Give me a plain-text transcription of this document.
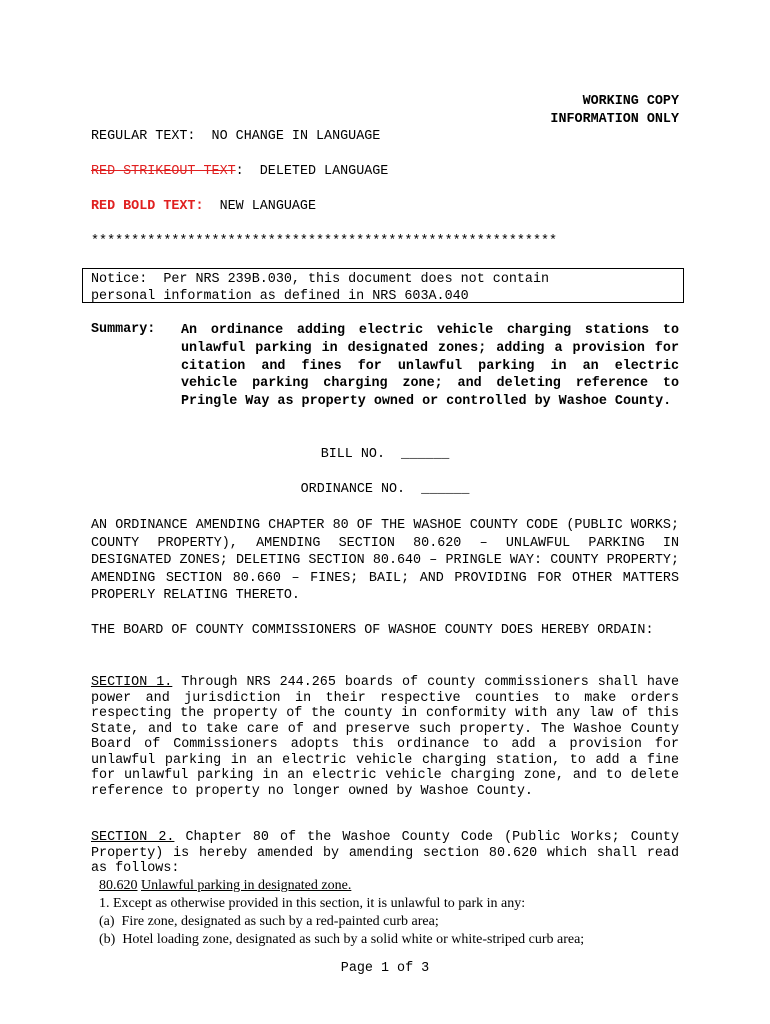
WORKING COPY
INFORMATION ONLY
REGULAR TEXT: NO CHANGE IN LANGUAGE
RED STRIKEOUT TEXT:  DELETED LANGUAGE
RED BOLD TEXT: NEW LANGUAGE
**********************************************************
Notice:  Per NRS 239B.030, this document does not contain
personal information as defined in NRS 603A.040
Summary: An ordinance adding electric vehicle charging stations to unlawful parking in designated zones; adding a provision for citation and fines for unlawful parking in an electric vehicle parking charging zone; and deleting reference to Pringle Way as property owned or controlled by Washoe County.
BILL NO.  ______
ORDINANCE NO.  ______
AN ORDINANCE AMENDING CHAPTER 80 OF THE WASHOE COUNTY CODE (PUBLIC WORKS; COUNTY PROPERTY), AMENDING SECTION 80.620 – UNLAWFUL PARKING IN DESIGNATED ZONES; DELETING SECTION 80.640 – PRINGLE WAY: COUNTY PROPERTY; AMENDING SECTION 80.660 – FINES; BAIL; AND PROVIDING FOR OTHER MATTERS PROPERLY RELATING THERETO.
THE BOARD OF COUNTY COMMISSIONERS OF WASHOE COUNTY DOES HEREBY ORDAIN:
SECTION 1. Through NRS 244.265 boards of county commissioners shall have power and jurisdiction in their respective counties to make orders respecting the property of the county in conformity with any law of this State, and to take care of and preserve such property. The Washoe County Board of Commissioners adopts this ordinance to add a provision for unlawful parking in an electric vehicle charging station, to add a fine for unlawful parking in an electric vehicle charging zone, and to delete reference to property no longer owned by Washoe County.
SECTION 2. Chapter 80 of the Washoe County Code (Public Works; County Property) is hereby amended by amending section 80.620 which shall read as follows:
80.620 Unlawful parking in designated zone.
1. Except as otherwise provided in this section, it is unlawful to park in any:
(a)  Fire zone, designated as such by a red-painted curb area;
(b)  Hotel loading zone, designated as such by a solid white or white-striped curb area;
Page 1 of 3
